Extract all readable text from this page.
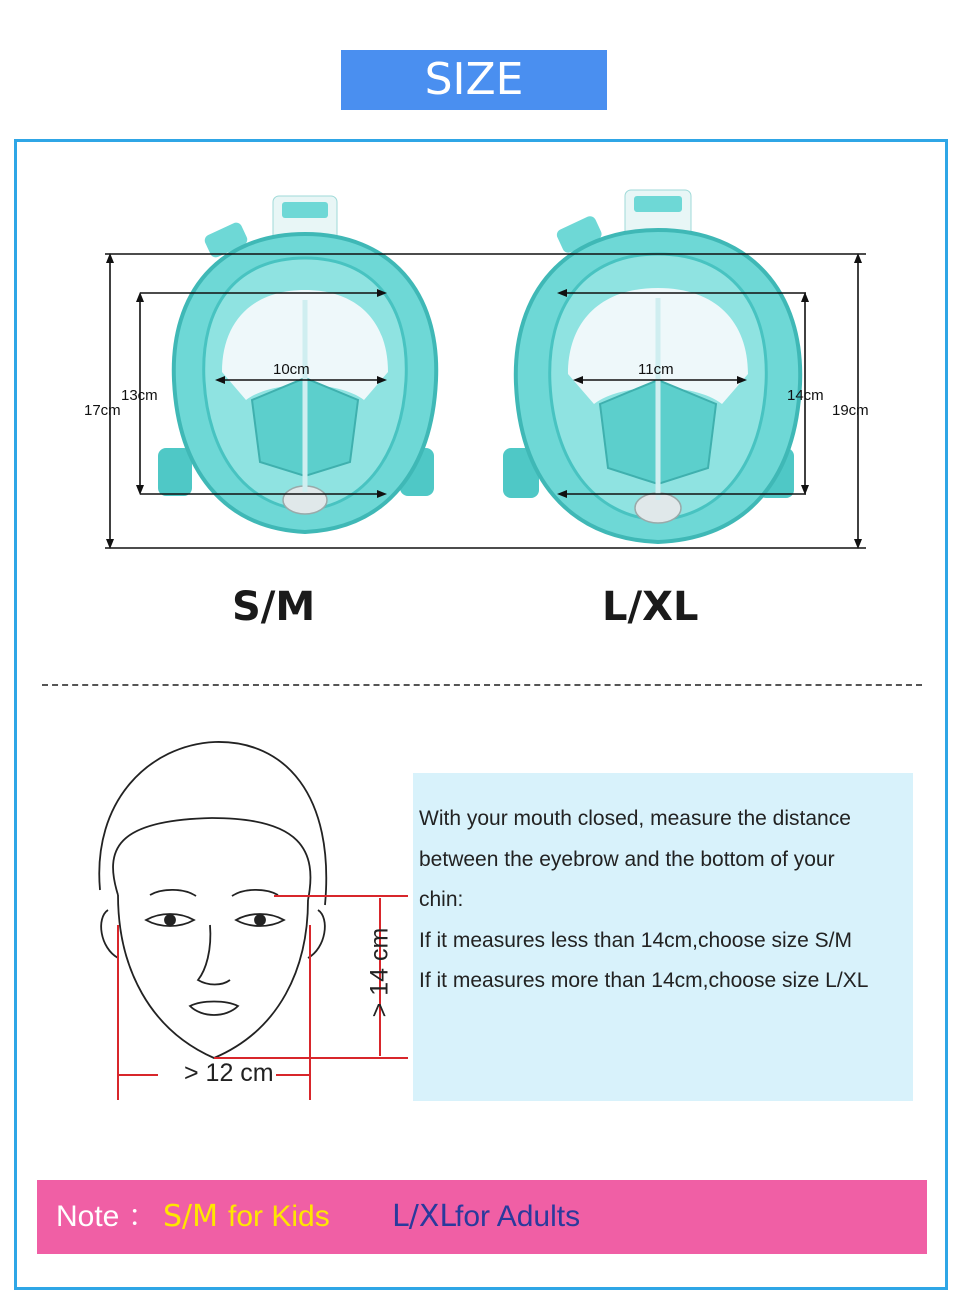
SIZE
17cm
13cm
10cm	11cm
14cm
19cm
S/M	L/XL
> 12 cm
> 14 cm
With your mouth closed, measure the distance
between the eyebrow and the bottom of your
chin:
If it measures less than 14cm,choose size S/M
If it measures more than 14cm,choose size L/XL
Note ： S/M for Kids L/XL
for Adults
